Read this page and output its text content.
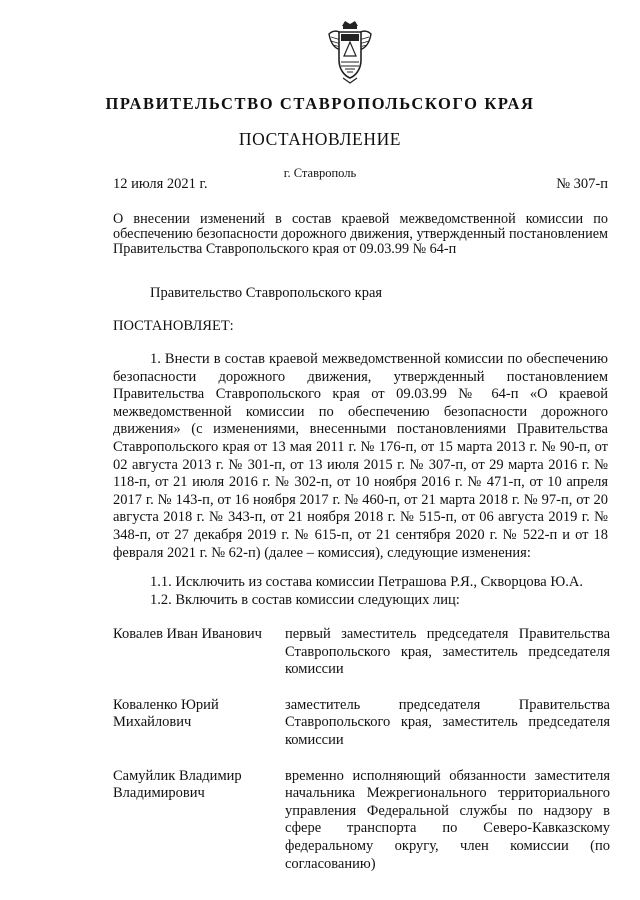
ПРАВИТЕЛЬСТВО СТАВРОПОЛЬСКОГО КРАЯ
ПОСТАНОВЛЕНИЕ
г. Ставрополь
12 июля 2021 г.	№ 307-п
О внесении изменений в состав краевой межведомственной комиссии по обеспечению безопасности дорожного движения, утвержденный постановлением Правительства Ставропольского края от 09.03.99 № 64-п
Правительство Ставропольского края
ПОСТАНОВЛЯЕТ:
1. Внести в состав краевой межведомственной комиссии по обеспечению безопасности дорожного движения, утвержденный постановлением Правительства Ставропольского края от 09.03.99 № 64-п «О краевой межведомственной комиссии по обеспечению безопасности дорожного движения» (с изменениями, внесенными постановлениями Правительства Ставропольского края от 13 мая 2011 г. № 176-п, от 15 марта 2013 г. № 90-п, от 02 августа 2013 г. № 301-п, от 13 июля 2015 г. № 307-п, от 29 марта 2016 г. № 118-п, от 21 июля 2016 г. № 302-п, от 10 ноября 2016 г. № 471-п, от 10 апреля 2017 г. № 143-п, от 16 ноября 2017 г. № 460-п, от 21 марта 2018 г. № 97-п, от 20 августа 2018 г. № 343-п, от 21 ноября 2018 г. № 515-п, от 06 августа 2019 г. № 348-п, от 27 декабря 2019 г. № 615-п, от 21 сентября 2020 г. № 522-п и от 18 февраля 2021 г. № 62-п) (далее – комиссия), следующие изменения:
1.1. Исключить из состава комиссии Петрашова Р.Я., Скворцова Ю.А.
1.2. Включить в состав комиссии следующих лиц:
Ковалев Иван Иванович первый заместитель председателя Правительства Ставропольского края, заместитель председателя комиссии
Коваленко Юрий Михайлович
заместитель председателя Правительства Ставропольского края, заместитель председателя комиссии
Самуйлик Владимир Владимирович
временно исполняющий обязанности заместителя начальника Межрегионального территориального управления Федеральной службы по надзору в сфере транспорта по Северо-Кавказскому федеральному округу, член комиссии (по согласованию)
